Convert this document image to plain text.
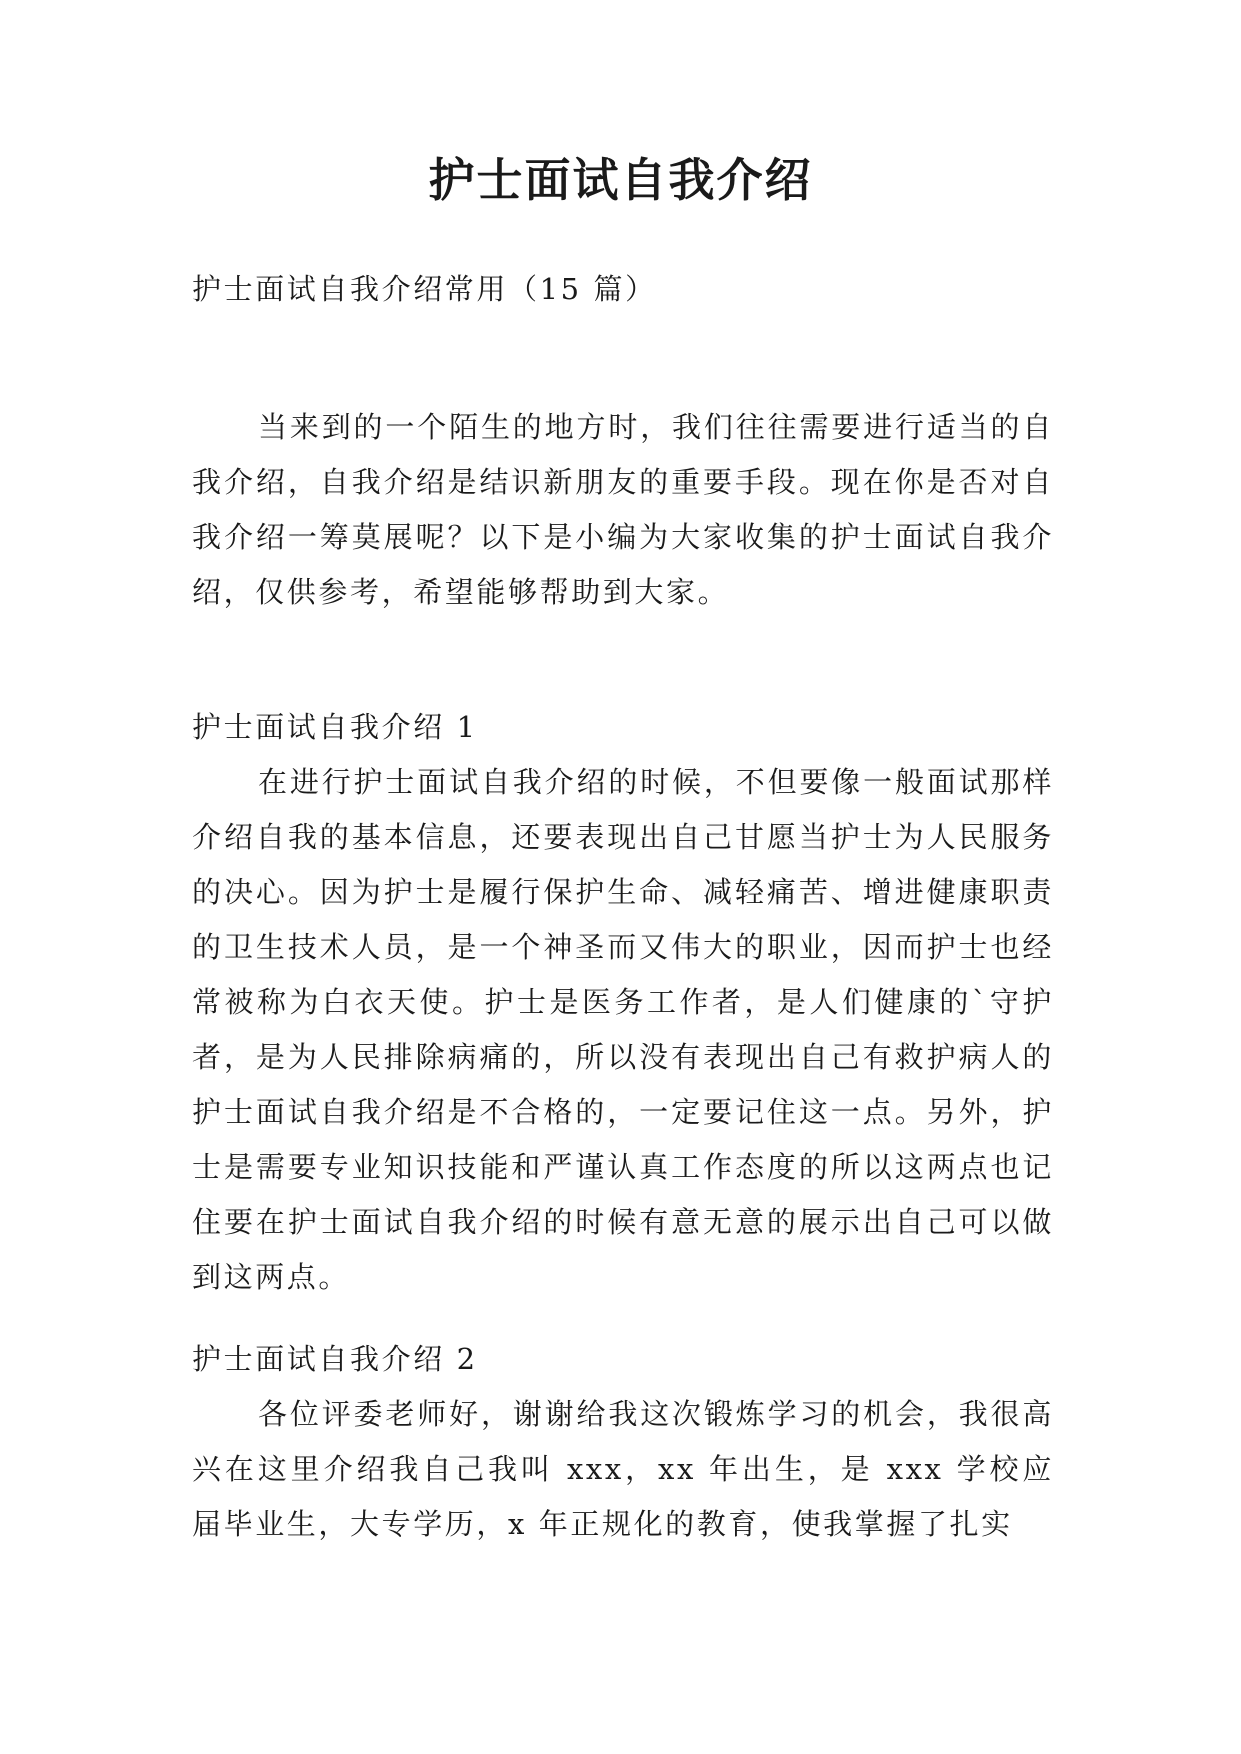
护士面试自我介绍

护士面试自我介绍常用（15 篇）

当来到的一个陌生的地方时，我们往往需要进行适当的自我介绍，自我介绍是结识新朋友的重要手段。现在你是否对自我介绍一筹莫展呢？以下是小编为大家收集的护士面试自我介绍，仅供参考，希望能够帮助到大家。

护士面试自我介绍 1

在进行护士面试自我介绍的时候，不但要像一般面试那样介绍自我的基本信息，还要表现出自己甘愿当护士为人民服务的决心。因为护士是履行保护生命、减轻痛苦、增进健康职责的卫生技术人员，是一个神圣而又伟大的职业，因而护士也经常被称为白衣天使。护士是医务工作者，是人们健康的`守护者，是为人民排除病痛的，所以没有表现出自己有救护病人的护士面试自我介绍是不合格的，一定要记住这一点。另外，护士是需要专业知识技能和严谨认真工作态度的所以这两点也记住要在护士面试自我介绍的时候有意无意的展示出自己可以做到这两点。

护士面试自我介绍 2

各位评委老师好，谢谢给我这次锻炼学习的机会，我很高兴在这里介绍我自己我叫 xxx，xx 年出生，是 xxx 学校应届毕业生，大专学历，x 年正规化的教育，使我掌握了扎实
